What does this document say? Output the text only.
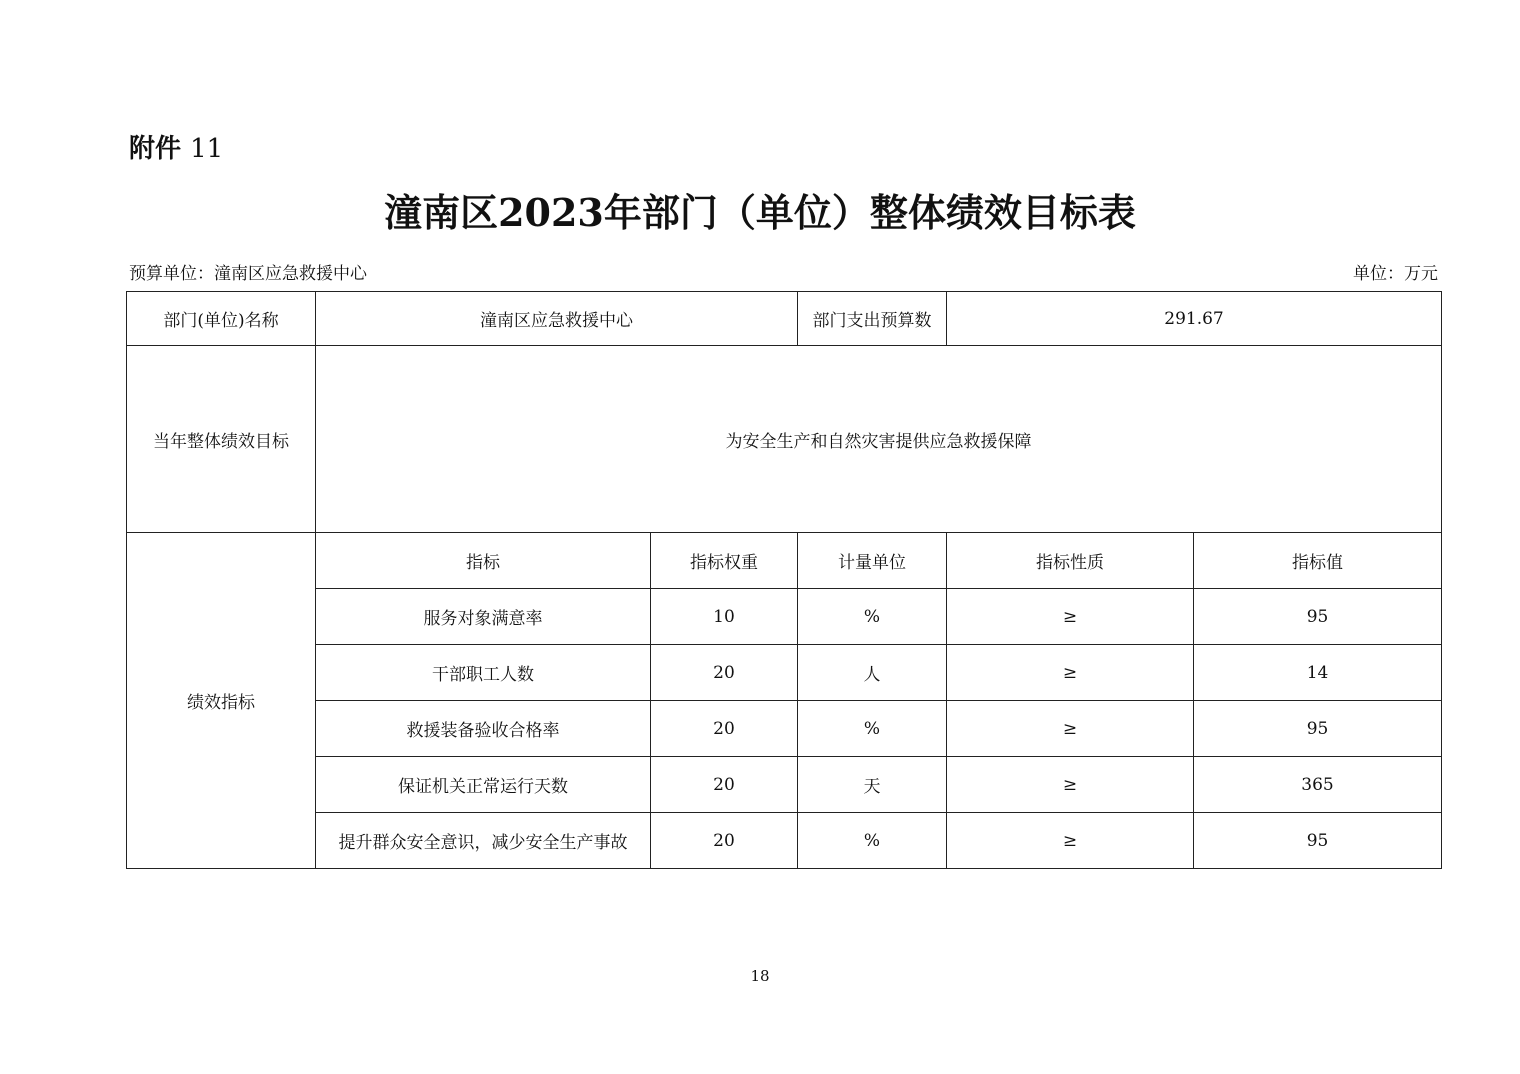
附件 11
潼南区2023年部门（单位）整体绩效目标表
预算单位：潼南区应急救援中心	单位：万元
部门(单位)名称	潼南区应急救援中心		部门支出预算数	291.67	
当年整体绩效目标	为安全生产和自然灾害提供应急救援保障				
绩效指标	指标	指标权重	计量单位	指标性质	指标值
	服务对象满意率	10	%	≥	95
	干部职工人数	20	人	≥	14
	救援装备验收合格率	20	%	≥	95
	保证机关正常运行天数	20	天	≥	365
	提升群众安全意识，减少安全生产事故	20	%	≥	95
18
